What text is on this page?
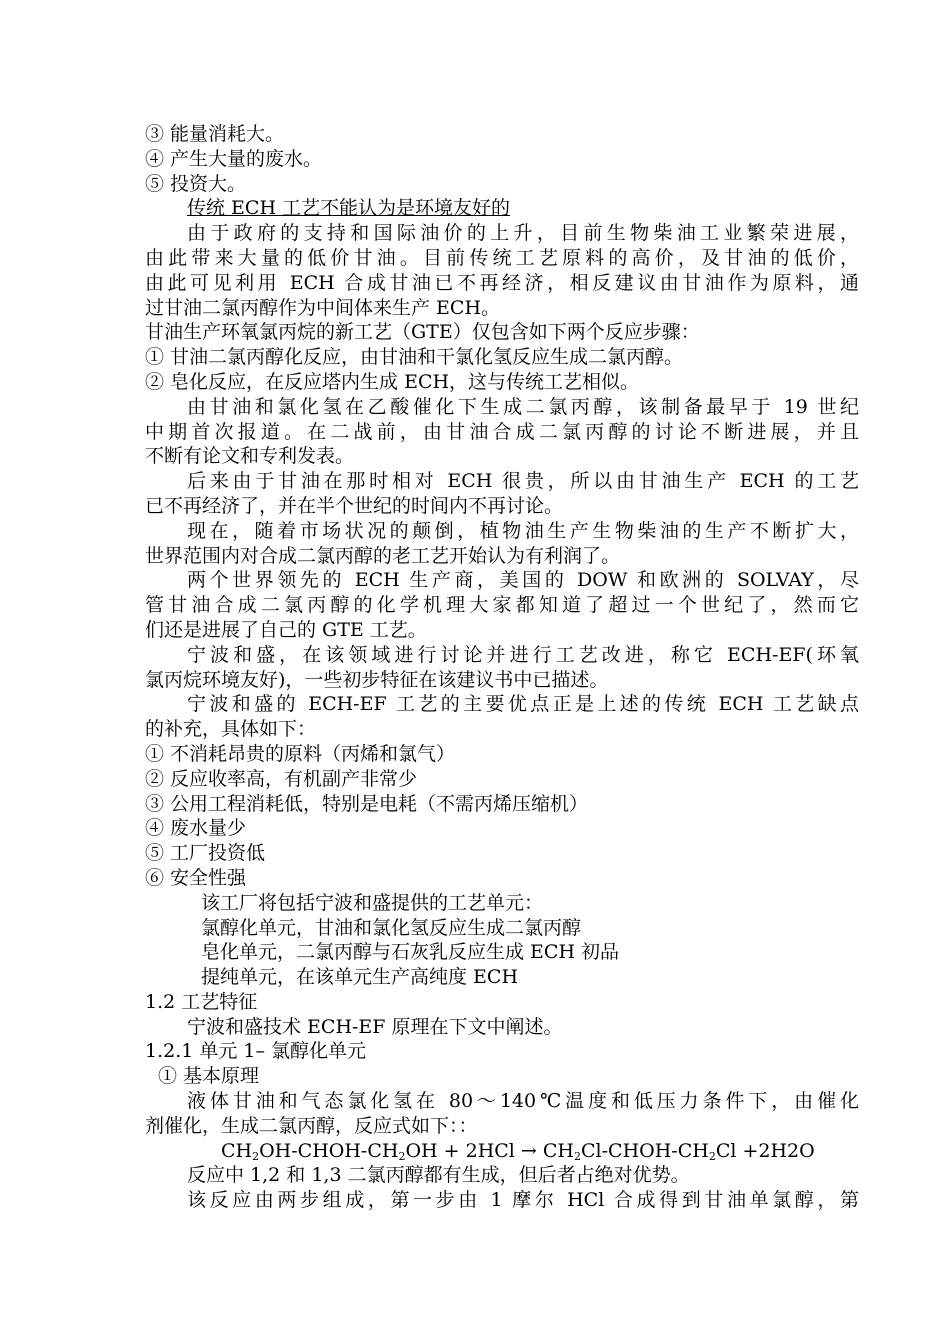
③ 能量消耗大。
④ 产生大量的废水。
⑤ 投资大。
传统 ECH 工艺不能认为是环境友好的
由于政府的支持和国际油价的上升，目前生物柴油工业繁荣进展，
由此带来大量的低价甘油。目前传统工艺原料的高价，及甘油的低价，
由此可见利用 ECH 合成甘油已不再经济，相反建议由甘油作为原料，通
过甘油二氯丙醇作为中间体来生产 ECH。
甘油生产环氧氯丙烷的新工艺（GTE）仅包含如下两个反应步骤：
① 甘油二氯丙醇化反应，由甘油和干氯化氢反应生成二氯丙醇。
② 皂化反应，在反应塔内生成 ECH，这与传统工艺相似。
由甘油和氯化氢在乙酸催化下生成二氯丙醇，该制备最早于 19 世纪
中期首次报道。在二战前，由甘油合成二氯丙醇的讨论不断进展，并且
不断有论文和专利发表。
后来由于甘油在那时相对 ECH 很贵，所以由甘油生产 ECH 的工艺
已不再经济了，并在半个世纪的时间内不再讨论。
现在，随着市场状况的颠倒，植物油生产生物柴油的生产不断扩大，
世界范围内对合成二氯丙醇的老工艺开始认为有利润了。
两个世界领先的 ECH 生产商，美国的 DOW 和欧洲的 SOLVAY，尽
管甘油合成二氯丙醇的化学机理大家都知道了超过一个世纪了，然而它
们还是进展了自己的 GTE 工艺。
宁波和盛，在该领域进行讨论并进行工艺改进，称它 ECH-EF(环氧
氯丙烷环境友好)，一些初步特征在该建议书中已描述。
宁波和盛的 ECH-EF 工艺的主要优点正是上述的传统 ECH 工艺缺点
的补充，具体如下：
① 不消耗昂贵的原料（丙烯和氯气）
② 反应收率高，有机副产非常少
③ 公用工程消耗低，特别是电耗（不需丙烯压缩机）
④ 废水量少
⑤ 工厂投资低
⑥ 安全性强
该工厂将包括宁波和盛提供的工艺单元：
氯醇化单元，甘油和氯化氢反应生成二氯丙醇
皂化单元，二氯丙醇与石灰乳反应生成 ECH 初品
提纯单元，在该单元生产高纯度 ECH
1.2 工艺特征
宁波和盛技术 ECH-EF 原理在下文中阐述。
1.2.1 单元 1– 氯醇化单元
① 基本原理
液体甘油和气态氯化氢在 80～140℃温度和低压力条件下，由催化
剂催化，生成二氯丙醇，反应式如下：：
$CH_2OH-CHOH-CH_2OH + 2HCl$ → $CH_2Cl-CHOH-CH_2Cl +2H2O$
反应中 1,2 和 1,3 二氯丙醇都有生成，但后者占绝对优势。
该反应由两步组成，第一步由 1 摩尔 HCl 合成得到甘油单氯醇，第
